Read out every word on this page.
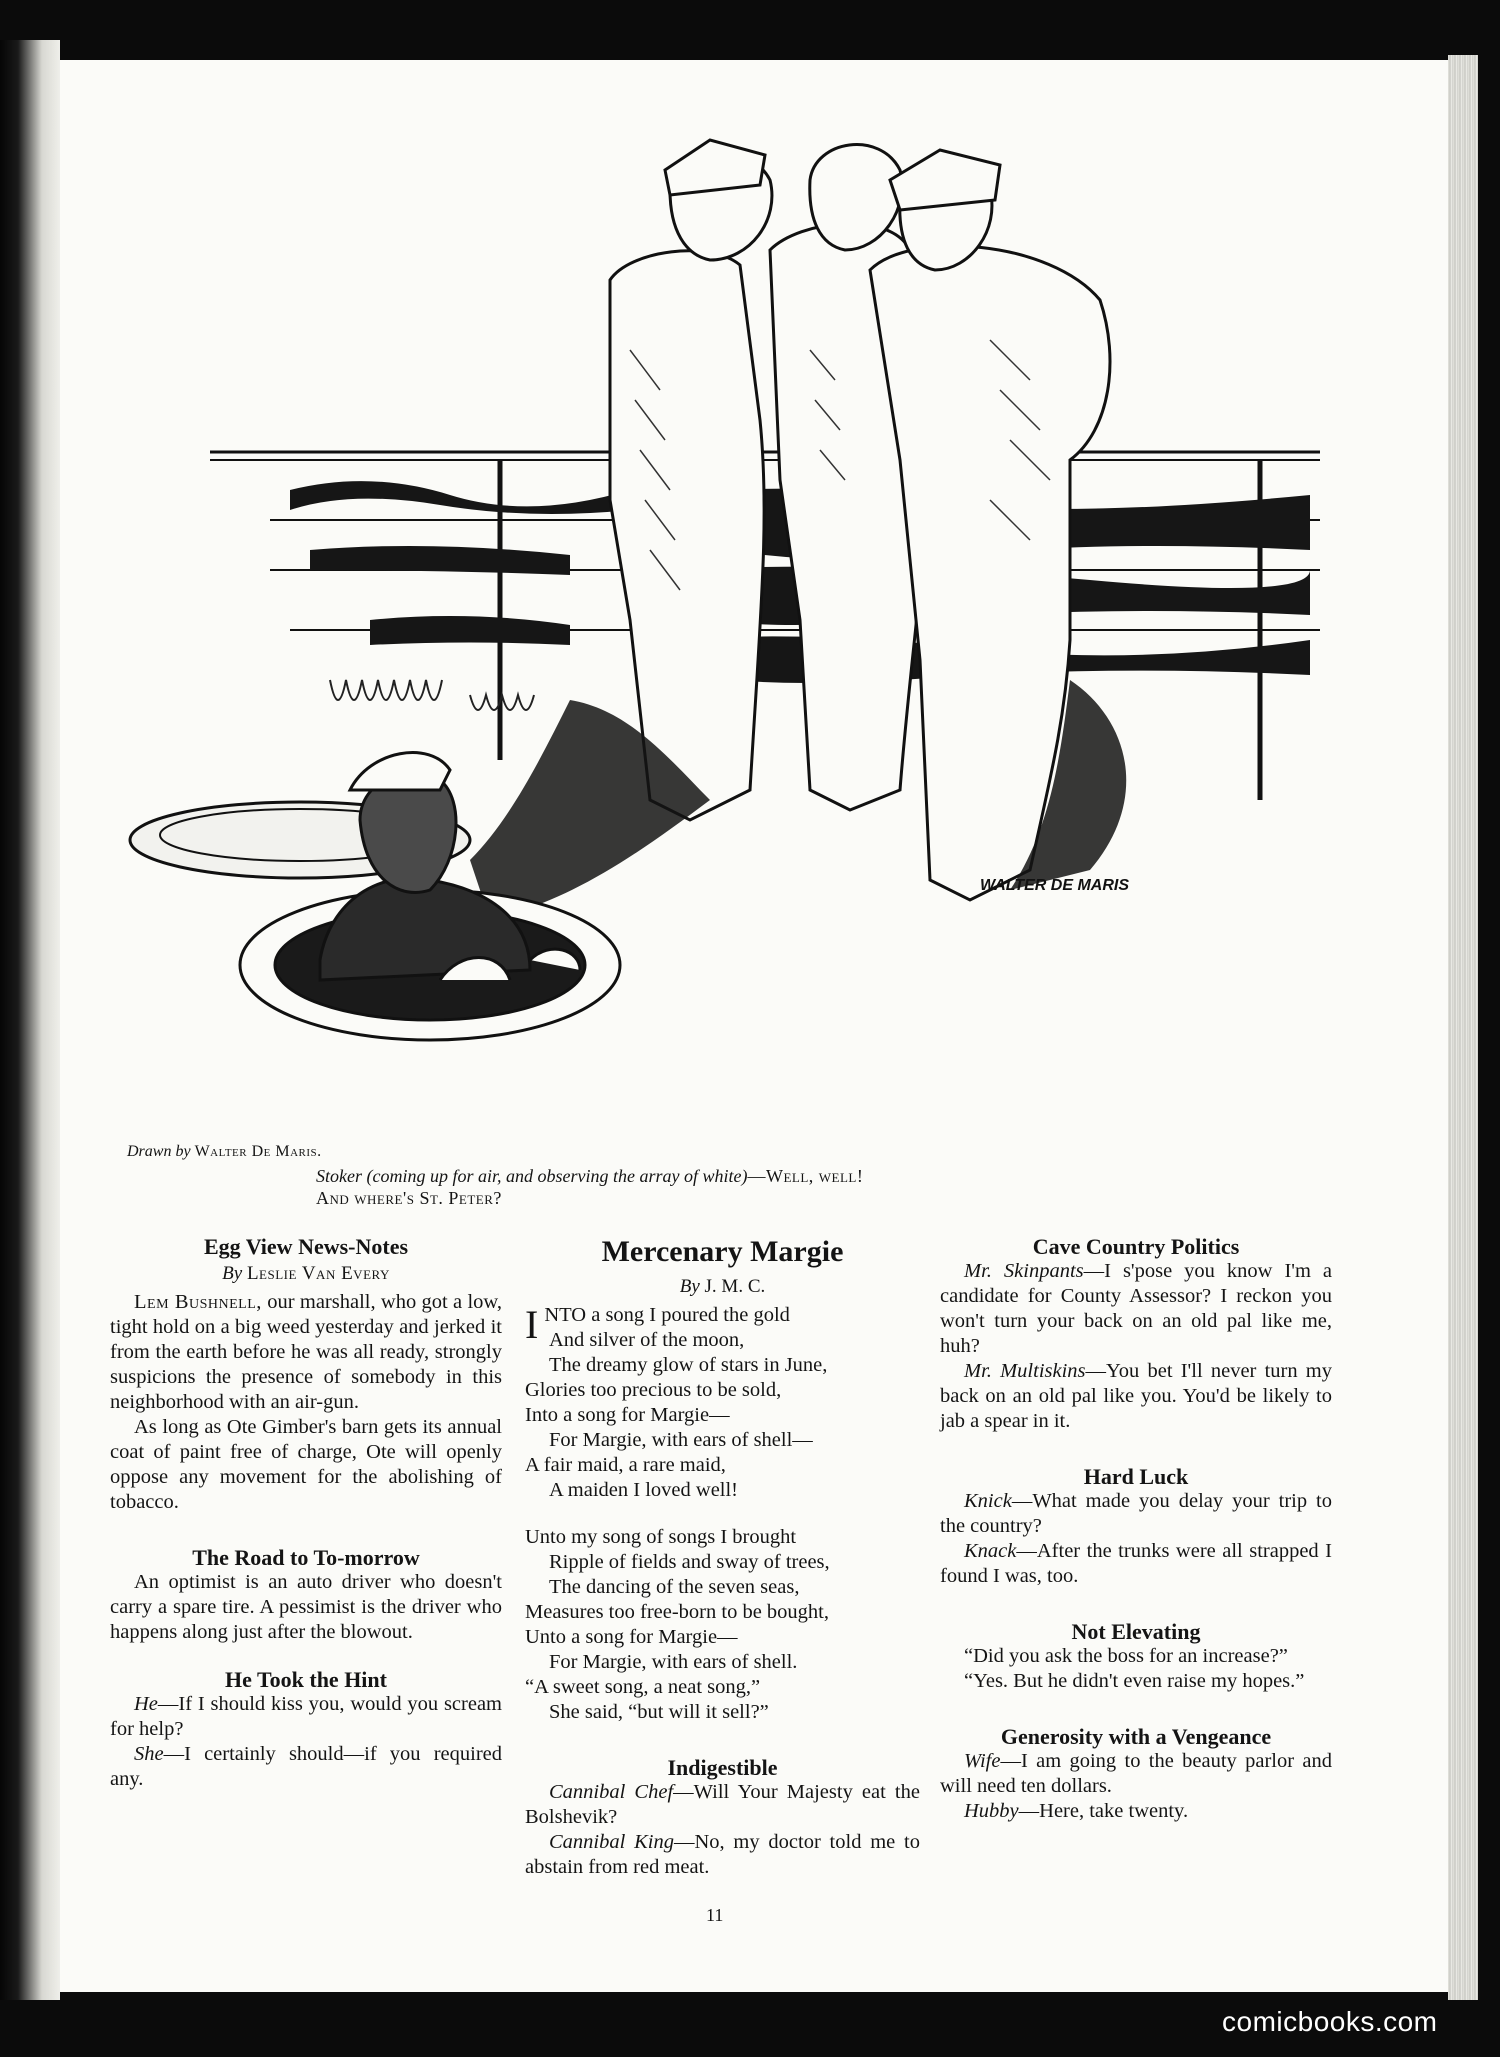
WALTER DE MARIS
Drawn by Walter De Maris.
Stoker (coming up for air, and observing the array of white)—Well, well!
And where's St. Peter?
Egg View News-Notes
By Leslie Van Every

Lem Bushnell, our marshall, who got a low, tight hold on a big weed yesterday and jerked it from the earth before he was all ready, strongly suspicions the presence of somebody in this neighborhood with an air-gun.

As long as Ote Gimber's barn gets its annual coat of paint free of charge, Ote will openly oppose any movement for the abolishing of tobacco.

The Road to To-morrow

An optimist is an auto driver who doesn't carry a spare tire. A pessimist is the driver who happens along just after the blowout.

He Took the Hint

He—If I should kiss you, would you scream for help?

She—I certainly should—if you required any.

Mercenary Margie
By J. M. C.
I NTO a song I poured the gold
And silver of the moon,
The dreamy glow of stars in June,
Glories too precious to be sold,
Into a song for Margie—
For Margie, with ears of shell—
A fair maid, a rare maid,
A maiden I loved well!
Unto my song of songs I brought
Ripple of fields and sway of trees,
The dancing of the seven seas,
Measures too free-born to be bought,
Unto a song for Margie—
For Margie, with ears of shell.
“A sweet song, a neat song,”
She said, “but will it sell?”
Indigestible

Cannibal Chef—Will Your Majesty eat the Bolshevik?

Cannibal King—No, my doctor told me to abstain from red meat.

Cave Country Politics

Mr. Skinpants—I s'pose you know I'm a candidate for County Assessor? I reckon you won't turn your back on an old pal like me, huh?

Mr. Multiskins—You bet I'll never turn my back on an old pal like you. You'd be likely to jab a spear in it.

Hard Luck

Knick—What made you delay your trip to the country?

Knack—After the trunks were all strapped I found I was, too.

Not Elevating

“Did you ask the boss for an increase?”

“Yes. But he didn't even raise my hopes.”

Generosity with a Vengeance

Wife—I am going to the beauty parlor and will need ten dollars.

Hubby—Here, take twenty.

11
comicbooks.com
